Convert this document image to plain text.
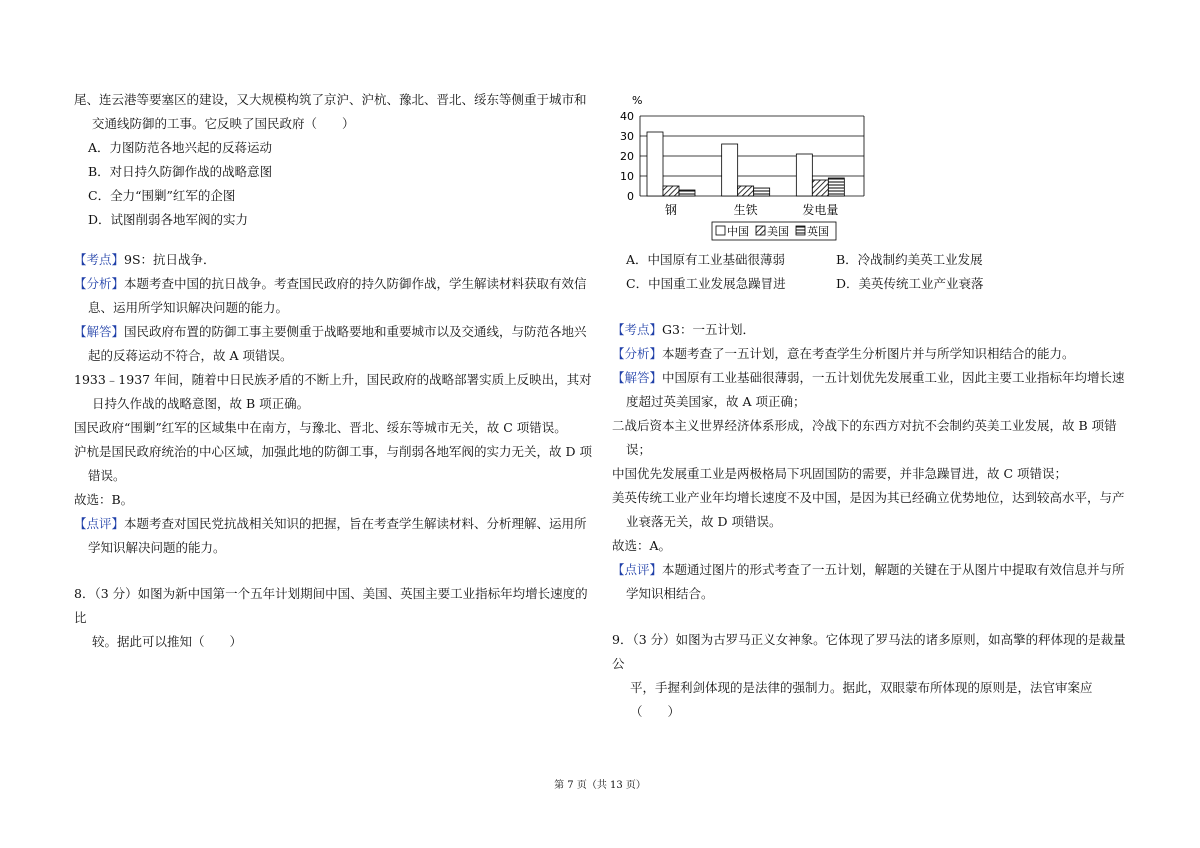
尾、连云港等要塞区的建设，又大规模构筑了京沪、沪杭、豫北、晋北、绥东等侧重于城市和

交通线防御的工事。它反映了国民政府（　　）

A．力图防范各地兴起的反蒋运动
B．对日持久防御作战的战略意图
C．全力“围剿”红军的企图
D．试图削弱各地军阀的实力

【考点】9S：抗日战争．

【分析】本题考查中国的抗日战争。考查国民政府的持久防御作战，学生解读材料获取有效信息、运用所学知识解决问题的能力。

【解答】国民政府布置的防御工事主要侧重于战略要地和重要城市以及交通线，与防范各地兴起的反蒋运动不符合，故 A 项错误。

1933﹣1937 年间，随着中日民族矛盾的不断上升，国民政府的战略部署实质上反映出，其对日持久作战的战略意图，故 B 项正确。

国民政府“围剿”红军的区域集中在南方，与豫北、晋北、绥东等城市无关，故 C 项错误。

沪杭是国民政府统治的中心区域，加强此地的防御工事，与削弱各地军阀的实力无关，故 D 项错误。

故选：B。

【点评】本题考查对国民党抗战相关知识的把握，旨在考查学生解读材料、分析理解、运用所学知识解决问题的能力。

8．（3 分）如图为新中国第一个五年计划期间中国、美国、英国主要工业指标年均增长速度的比

较。据此可以推知（　　）

%
0
10
20
30
40
钢	生铁	发电量
中国 美国 英国
A．中国原有工业基础很薄弱	B．冷战制约美英工业发展
C．中国重工业发展急躁冒进	D．美英传统工业产业衰落

【考点】G3：一五计划．

【分析】本题考查了一五计划，意在考查学生分析图片并与所学知识相结合的能力。

【解答】中国原有工业基础很薄弱，一五计划优先发展重工业，因此主要工业指标年均增长速度超过英美国家，故 A 项正确；

二战后资本主义世界经济体系形成，冷战下的东西方对抗不会制约英美工业发展，故 B 项错误；

中国优先发展重工业是两极格局下巩固国防的需要，并非急躁冒进，故 C 项错误；

美英传统工业产业年均增长速度不及中国，是因为其已经确立优势地位，达到较高水平，与产业衰落无关，故 D 项错误。

故选：A。

【点评】本题通过图片的形式考查了一五计划，解题的关键在于从图片中提取有效信息并与所学知识相结合。

9．（3 分）如图为古罗马正义女神象。它体现了罗马法的诸多原则，如高擎的秤体现的是裁量公

平，手握利剑体现的是法律的强制力。据此，双眼蒙布所体现的原则是，法官审案应（　　）

第 7 页（共 13 页）
